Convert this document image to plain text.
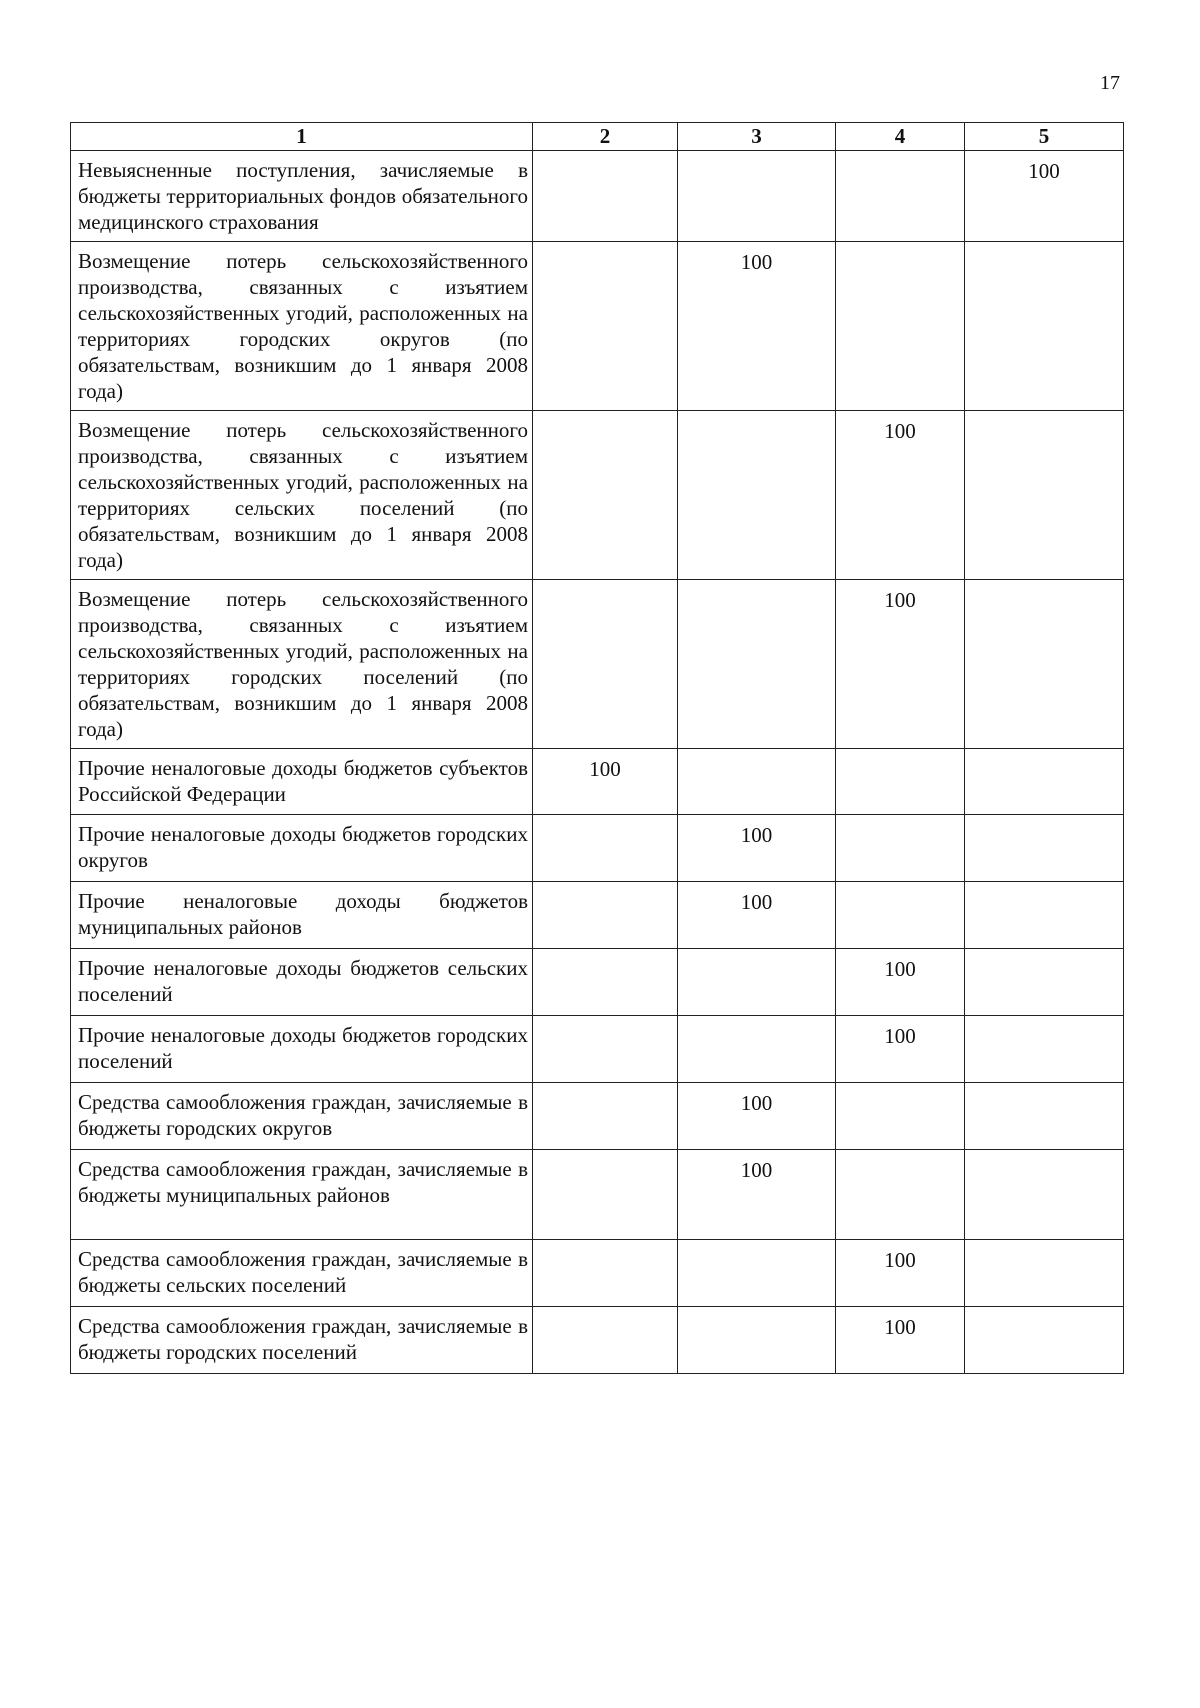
17
1	2	3	4	5
Невыясненные поступления, зачисляемые в бюджеты территориальных фондов обязательного медицинского страхования				100
Возмещение потерь сельскохозяйственного производства, связанных с изъятием сельскохозяйственных угодий, расположенных на территориях городских округов (по обязательствам, возникшим до 1 января 2008 года)		100		
Возмещение потерь сельскохозяйственного производства, связанных с изъятием сельскохозяйственных угодий, расположенных на территориях сельских поселений (по обязательствам, возникшим до 1 января 2008 года)			100	
Возмещение потерь сельскохозяйственного производства, связанных с изъятием сельскохозяйственных угодий, расположенных на территориях городских поселений (по обязательствам, возникшим до 1 января 2008 года)			100	
Прочие неналоговые доходы бюджетов субъектов Российской Федерации	100			
Прочие неналоговые доходы бюджетов городских округов		100		
Прочие неналоговые доходы бюджетов муниципальных районов		100		
Прочие неналоговые доходы бюджетов сельских поселений			100	
Прочие неналоговые доходы бюджетов городских поселений			100	
Средства самообложения граждан, зачисляемые в бюджеты городских округов		100		
Средства самообложения граждан, зачисляемые в бюджеты муниципальных районов		100		
Средства самообложения граждан, зачисляемые в бюджеты сельских поселений			100	
Средства самообложения граждан, зачисляемые в бюджеты городских поселений			100	
